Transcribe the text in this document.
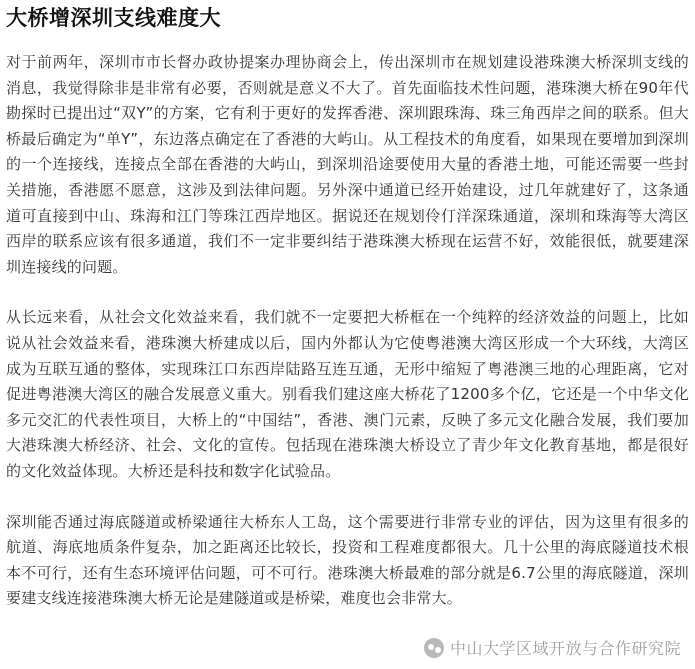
大桥增深圳支线难度大

对于前两年，深圳市市长督办政协提案办理协商会上，传出深圳市在规划建设港珠澳大桥深圳支线的消息，我觉得除非是非常有必要，否则就是意义不大了。首先面临技术性问题，港珠澳大桥在90年代勘探时已提出过“双Y”的方案，它有利于更好的发挥香港、深圳跟珠海、珠三角西岸之间的联系。但大桥最后确定为“单Y”，东边落点确定在了香港的大屿山。从工程技术的角度看，如果现在要增加到深圳的一个连接线，连接点全部在香港的大屿山，到深圳沿途要使用大量的香港土地，可能还需要一些封关措施，香港愿不愿意，这涉及到法律问题。另外深中通道已经开始建设，过几年就建好了，这条通道可直接到中山、珠海和江门等珠江西岸地区。据说还在规划伶仃洋深珠通道，深圳和珠海等大湾区西岸的联系应该有很多通道，我们不一定非要纠结于港珠澳大桥现在运营不好，效能很低，就要建深圳连接线的问题。

从长远来看，从社会文化效益来看，我们就不一定要把大桥框在一个纯粹的经济效益的问题上，比如说从社会效益来看，港珠澳大桥建成以后，国内外都认为它使粤港澳大湾区形成一个大环线，大湾区成为互联互通的整体，实现珠江口东西岸陆路互连互通，无形中缩短了粤港澳三地的心理距离，它对促进粤港澳大湾区的融合发展意义重大。别看我们建这座大桥花了1200多个亿，它还是一个中华文化多元交汇的代表性项目，大桥上的“中国结”，香港、澳门元素，反映了多元文化融合发展，我们要加大港珠澳大桥经济、社会、文化的宣传。包括现在港珠澳大桥设立了青少年文化教育基地，都是很好的文化效益体现。大桥还是科技和数字化试验品。

深圳能否通过海底隧道或桥梁通往大桥东人工岛，这个需要进行非常专业的评估，因为这里有很多的航道、海底地质条件复杂，加之距离还比较长，投资和工程难度都很大。几十公里的海底隧道技术根本不可行，还有生态环境评估问题，可不可行。港珠澳大桥最难的部分就是6.7公里的海底隧道，深圳要建支线连接港珠澳大桥无论是建隧道或是桥梁，难度也会非常大。

中山大学区域开放与合作研究院
